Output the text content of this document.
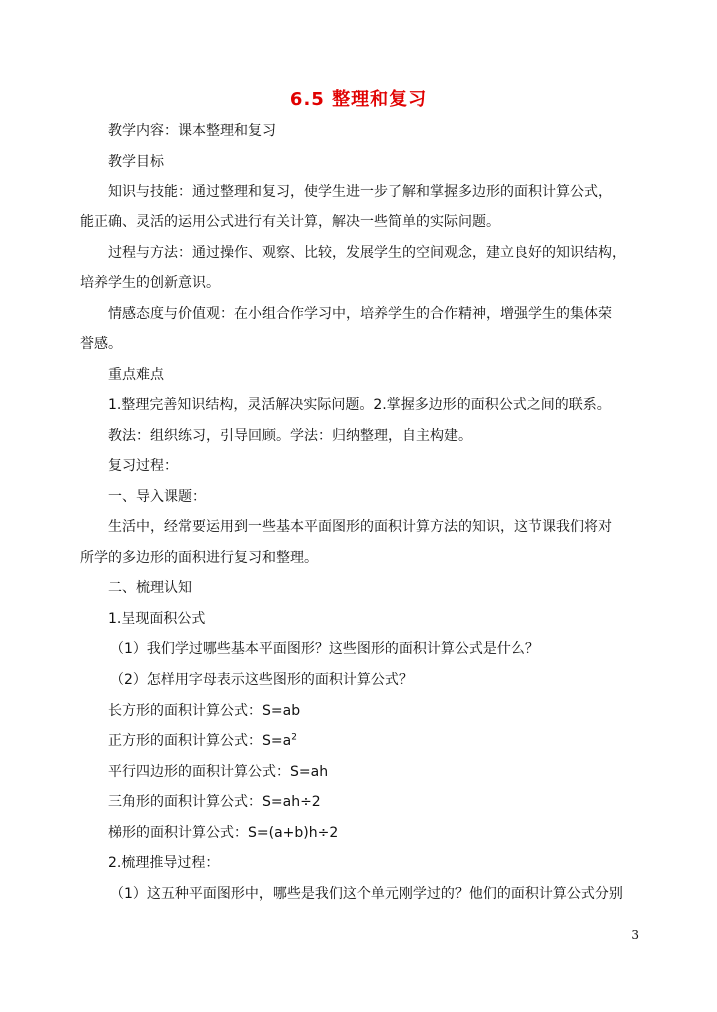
6.5 整理和复习
教学内容：课本整理和复习
教学目标
知识与技能：通过整理和复习，使学生进一步了解和掌握多边形的面积计算公式，
能正确、灵活的运用公式进行有关计算，解决一些简单的实际问题。
过程与方法：通过操作、观察、比较，发展学生的空间观念，建立良好的知识结构，
培养学生的创新意识。
情感态度与价值观：在小组合作学习中，培养学生的合作精神，增强学生的集体荣
誉感。
重点难点
1.整理完善知识结构，灵活解决实际问题。2.掌握多边形的面积公式之间的联系。
教法：组织练习，引导回顾。学法：归纳整理，自主构建。
复习过程：
一、导入课题：
生活中，经常要运用到一些基本平面图形的面积计算方法的知识，这节课我们将对
所学的多边形的面积进行复习和整理。
二、梳理认知
1.呈现面积公式
（1）我们学过哪些基本平面图形？这些图形的面积计算公式是什么？
（2）怎样用字母表示这些图形的面积计算公式？
长方形的面积计算公式：S=ab
正方形的面积计算公式：$S=a^2$
平行四边形的面积计算公式：S=ah
三角形的面积计算公式：S=ah÷2
梯形的面积计算公式：S=(a+b)h÷2
2.梳理推导过程：
（1）这五种平面图形中，哪些是我们这个单元刚学过的？他们的面积计算公式分别
3
